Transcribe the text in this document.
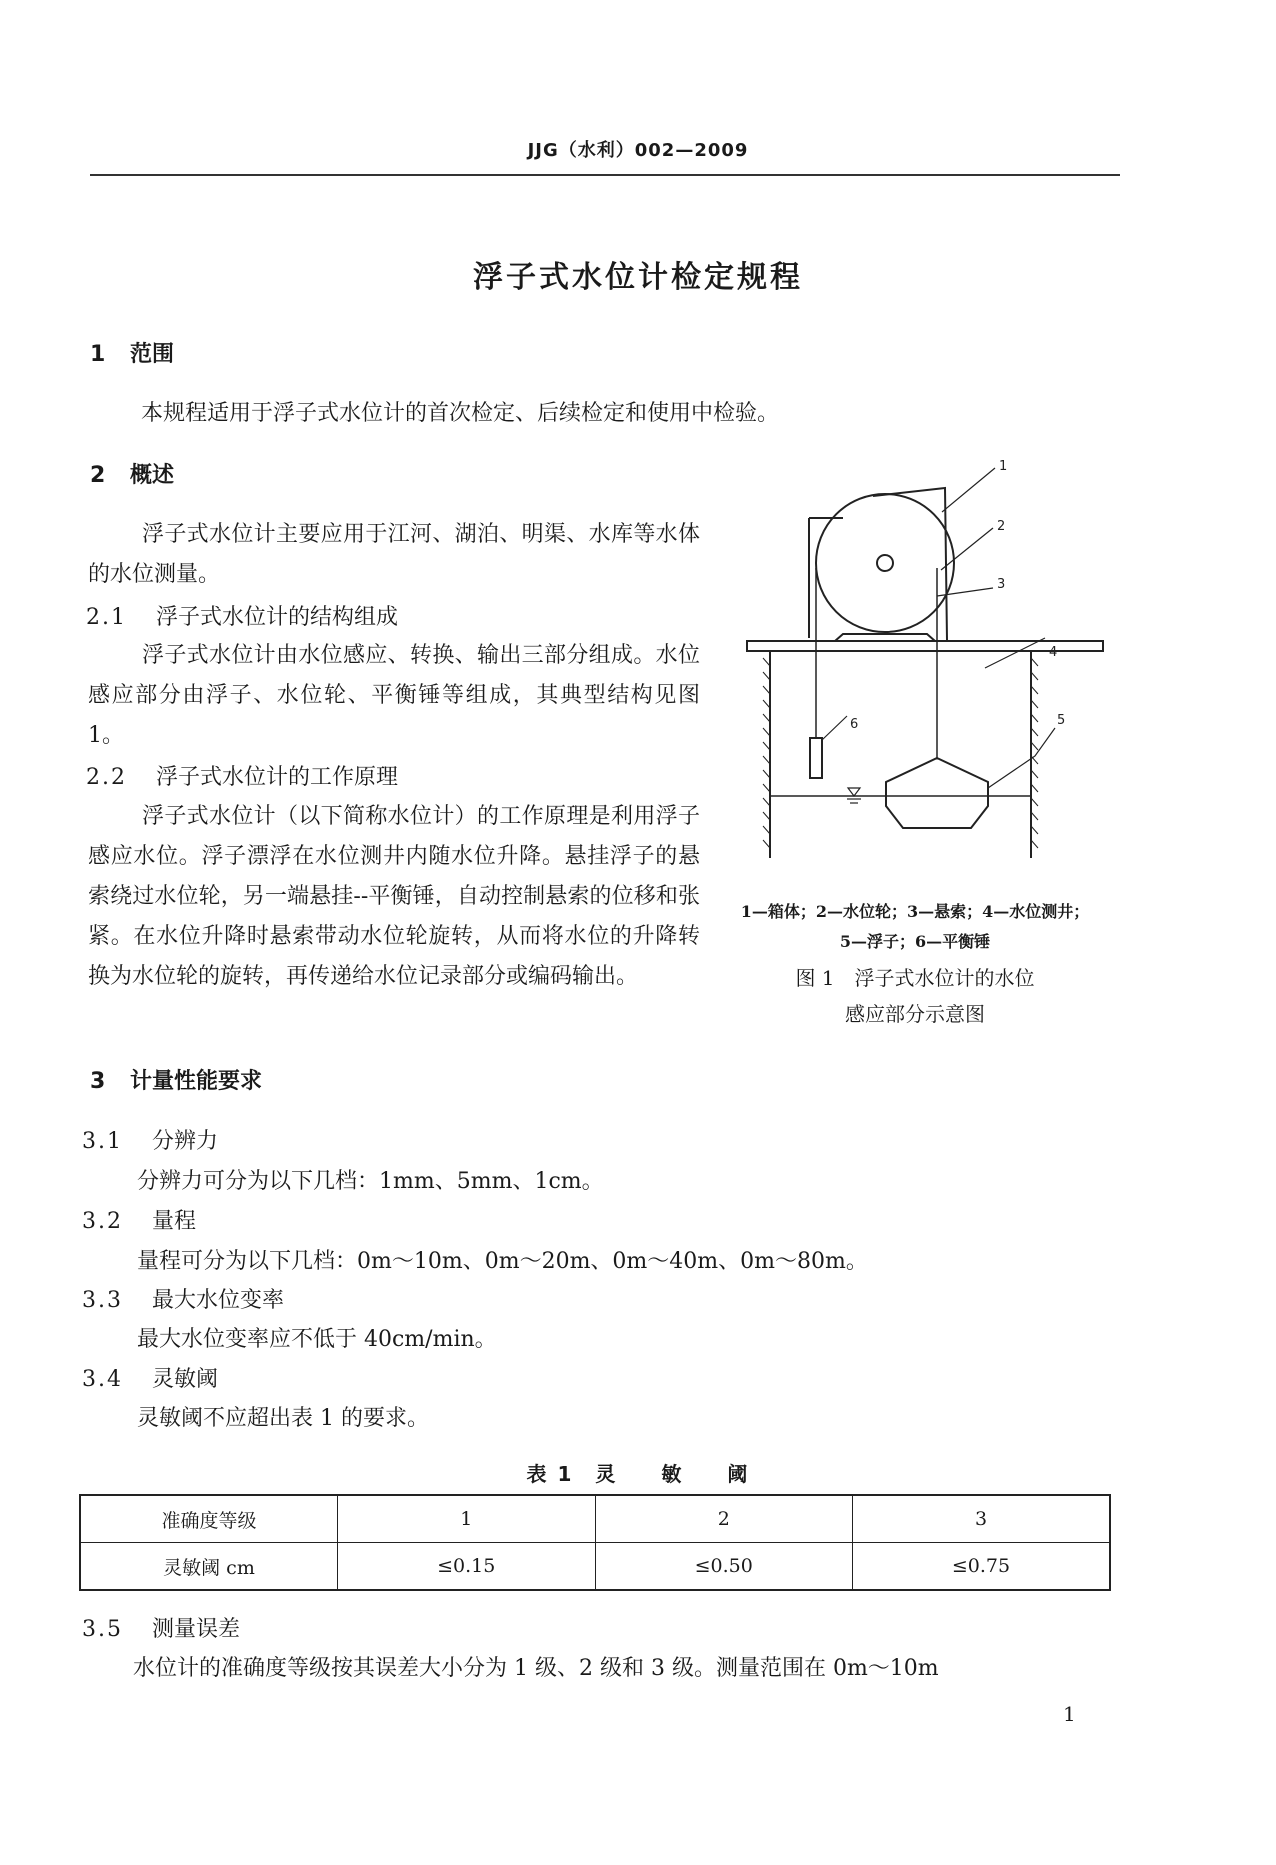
JJG（水利）002—2009
浮子式水位计检定规程
1 范围
本规程适用于浮子式水位计的首次检定、后续检定和使用中检验。
2 概述
浮子式水位计主要应用于江河、湖泊、明渠、水库等水体的水位测量。
2.1 浮子式水位计的结构组成
浮子式水位计由水位感应、转换、输出三部分组成。水位感应部分由浮子、水位轮、平衡锤等组成，其典型结构见图 1。
2.2 浮子式水位计的工作原理
浮子式水位计（以下简称水位计）的工作原理是利用浮子感应水位。浮子漂浮在水位测井内随水位升降。悬挂浮子的悬索绕过水位轮，另一端悬挂--平衡锤，自动控制悬索的位移和张紧。在水位升降时悬索带动水位轮旋转，从而将水位的升降转换为水位轮的旋转，再传递给水位记录部分或编码输出。
1
2
3
4
5
6
1—箱体；2—水位轮；3—悬索；4—水位测井；
5—浮子；6—平衡锤
图 1　浮子式水位计的水位
感应部分示意图
3 计量性能要求
3.1 分辨力
分辨力可分为以下几档：1mm、5mm、1cm。
3.2 量程
量程可分为以下几档：0m～10m、0m～20m、0m～40m、0m～80m。
3.3 最大水位变率
最大水位变率应不低于 40cm/min。
3.4 灵敏阈
灵敏阈不应超出表 1 的要求。
表 1　灵　　敏　　阈
准确度等级	1	2	3
灵敏阈 cm	≤0.15	≤0.50	≤0.75
3.5 测量误差
水位计的准确度等级按其误差大小分为 1 级、2 级和 3 级。测量范围在 0m～10m
1
